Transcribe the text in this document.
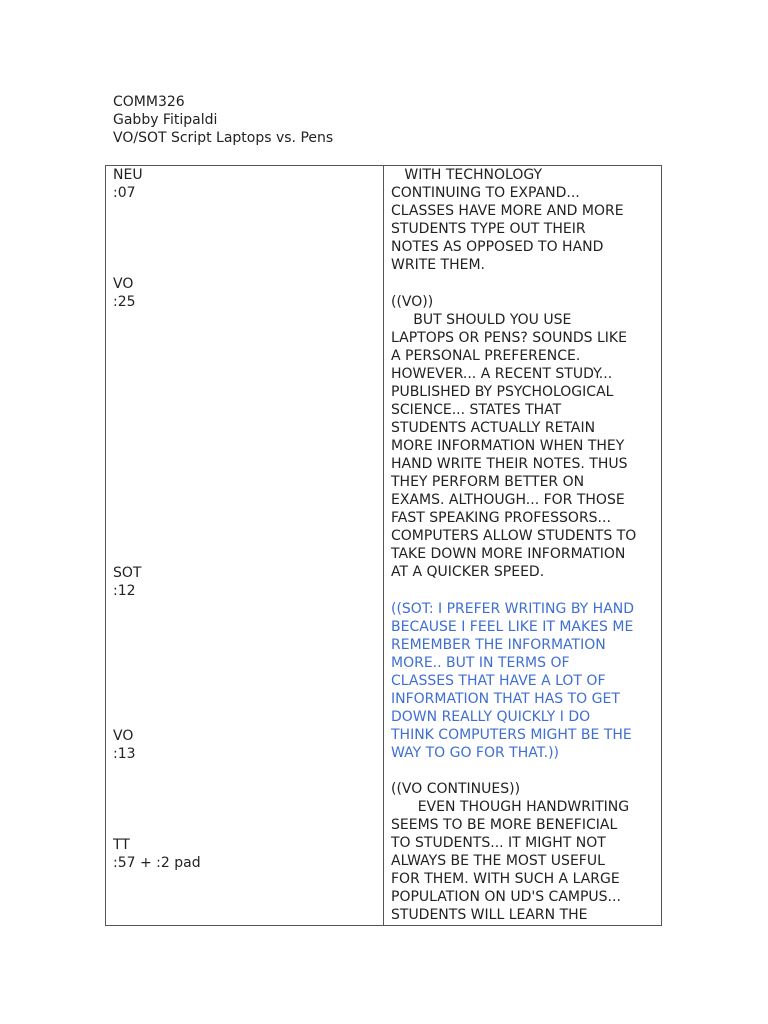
COMM326
Gabby Fitipaldi
VO/SOT Script Laptops vs. Pens
NEU
:07
VO
:25
SOT
:12
VO
:13
TT
:57 + :2 pad
WITH TECHNOLOGY
CONTINUING TO EXPAND...
CLASSES HAVE MORE AND MORE
STUDENTS TYPE OUT THEIR
NOTES AS OPPOSED TO HAND
WRITE THEM.
((VO))
BUT SHOULD YOU USE
LAPTOPS OR PENS? SOUNDS LIKE
A PERSONAL PREFERENCE.
HOWEVER... A RECENT STUDY...
PUBLISHED BY PSYCHOLOGICAL
SCIENCE... STATES THAT
STUDENTS ACTUALLY RETAIN
MORE INFORMATION WHEN THEY
HAND WRITE THEIR NOTES. THUS
THEY PERFORM BETTER ON
EXAMS. ALTHOUGH... FOR THOSE
FAST SPEAKING PROFESSORS...
COMPUTERS ALLOW STUDENTS TO
TAKE DOWN MORE INFORMATION
AT A QUICKER SPEED.
((SOT: I PREFER WRITING BY HAND
BECAUSE I FEEL LIKE IT MAKES ME
REMEMBER THE INFORMATION
MORE.. BUT IN TERMS OF
CLASSES THAT HAVE A LOT OF
INFORMATION THAT HAS TO GET
DOWN REALLY QUICKLY I DO
THINK COMPUTERS MIGHT BE THE
WAY TO GO FOR THAT.))
((VO CONTINUES))
EVEN THOUGH HANDWRITING
SEEMS TO BE MORE BENEFICIAL
TO STUDENTS... IT MIGHT NOT
ALWAYS BE THE MOST USEFUL
FOR THEM. WITH SUCH A LARGE
POPULATION ON UD'S CAMPUS...
STUDENTS WILL LEARN THE
